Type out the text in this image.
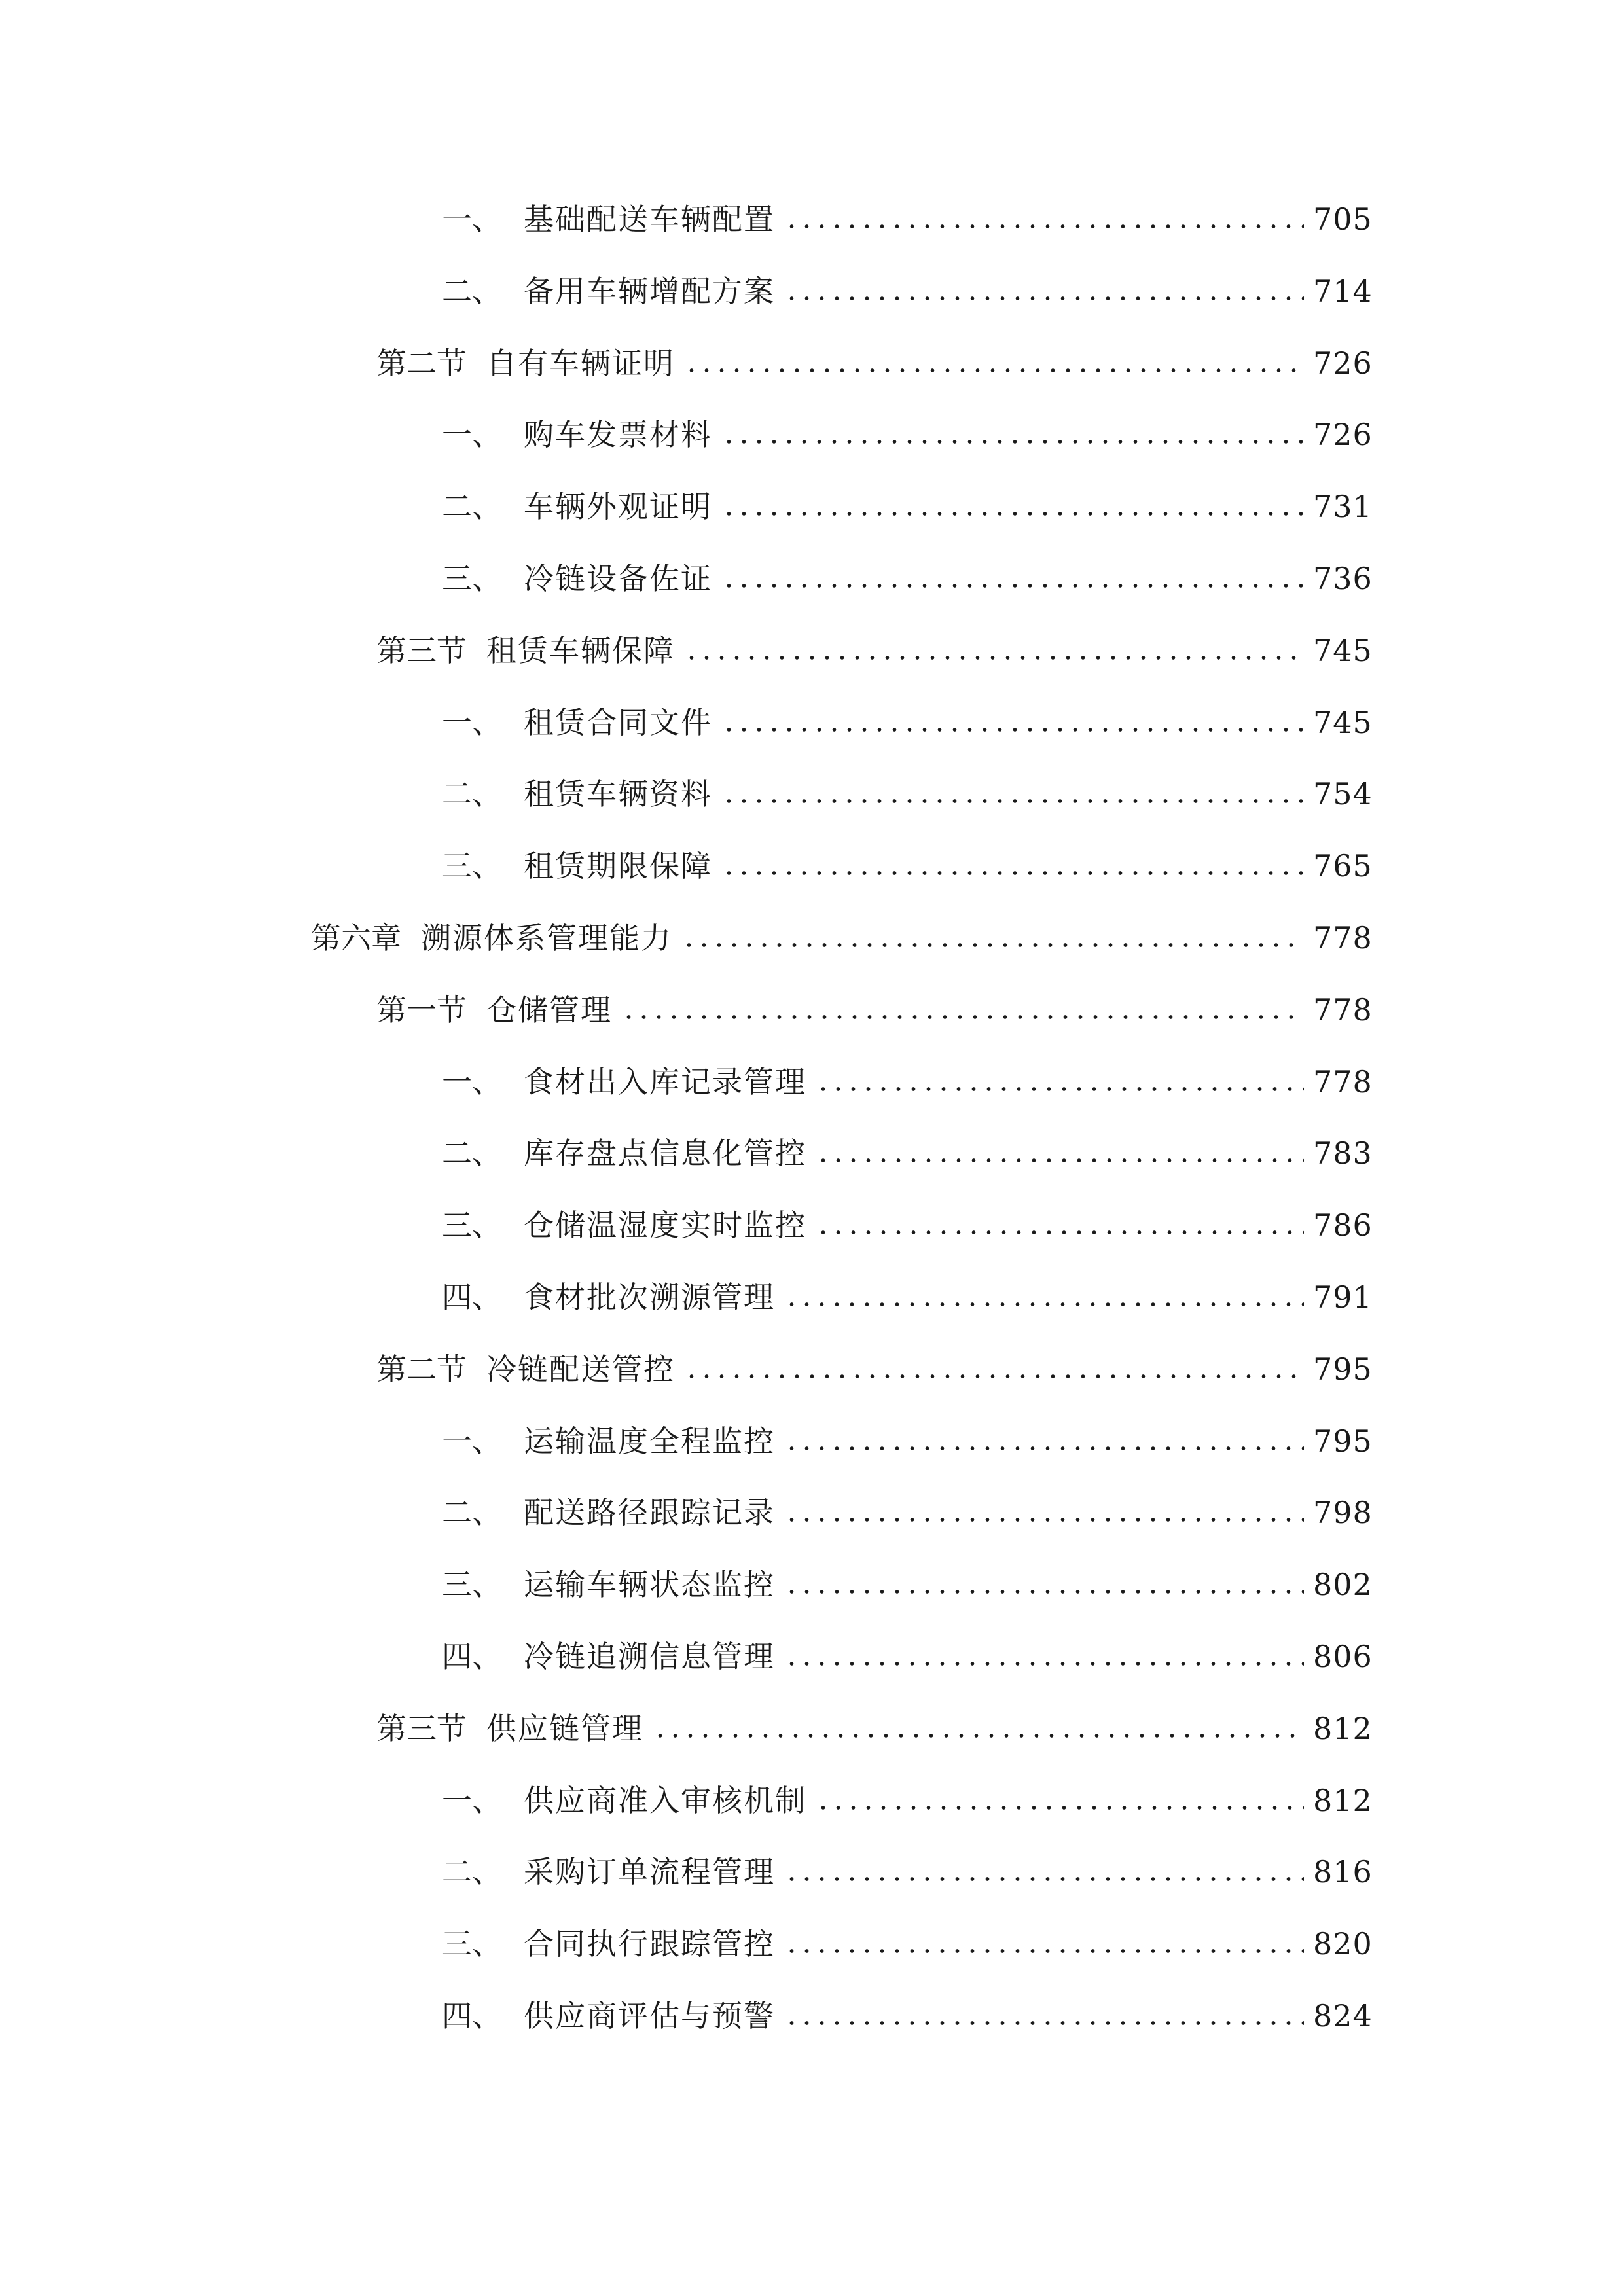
一、 基础配送车辆配置	705
二、 备用车辆增配方案	714
第二节 自有车辆证明	726
一、 购车发票材料	726
二、 车辆外观证明	731
三、 冷链设备佐证	736
第三节 租赁车辆保障	745
一、 租赁合同文件	745
二、 租赁车辆资料	754
三、 租赁期限保障	765
第六章 溯源体系管理能力	778
第一节 仓储管理	778
一、 食材出入库记录管理	778
二、 库存盘点信息化管控	783
三、 仓储温湿度实时监控	786
四、 食材批次溯源管理	791
第二节 冷链配送管控	795
一、 运输温度全程监控	795
二、 配送路径跟踪记录	798
三、 运输车辆状态监控	802
四、 冷链追溯信息管理	806
第三节 供应链管理	812
一、 供应商准入审核机制	812
二、 采购订单流程管理	816
三、 合同执行跟踪管控	820
四、 供应商评估与预警	824
